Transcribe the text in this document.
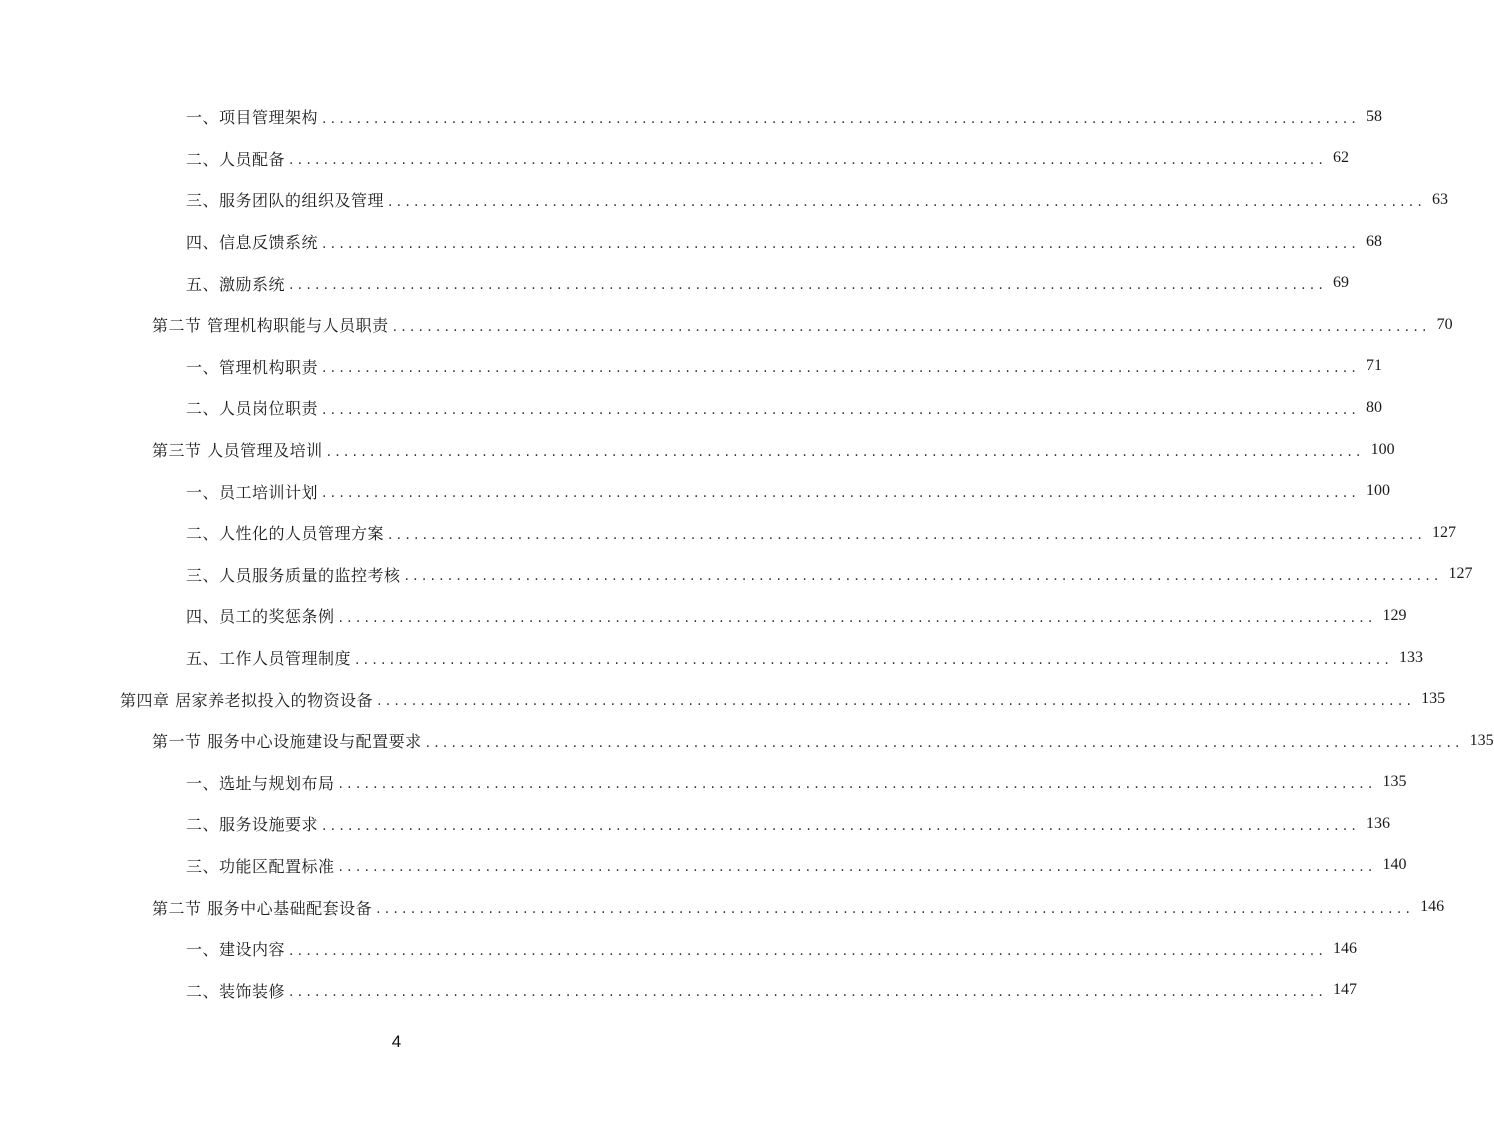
一、项目管理架构 ........................................................................................................................ 58
二、人员配备 ........................................................................................................................ 62
三、服务团队的组织及管理 ........................................................................................................................ 63
四、信息反馈系统 ........................................................................................................................ 68
五、激励系统 ........................................................................................................................ 69
第二节 管理机构职能与人员职责 ........................................................................................................................ 70
一、管理机构职责 ........................................................................................................................ 71
二、人员岗位职责 ........................................................................................................................ 80
第三节 人员管理及培训 ........................................................................................................................ 100
一、员工培训计划 ........................................................................................................................ 100
二、人性化的人员管理方案 ........................................................................................................................ 127
三、人员服务质量的监控考核 ........................................................................................................................ 127
四、员工的奖惩条例 ........................................................................................................................ 129
五、工作人员管理制度 ........................................................................................................................ 133
第四章 居家养老拟投入的物资设备 ........................................................................................................................ 135
第一节 服务中心设施建设与配置要求 ........................................................................................................................ 135
一、选址与规划布局 ........................................................................................................................ 135
二、服务设施要求 ........................................................................................................................ 136
三、功能区配置标准 ........................................................................................................................ 140
第二节 服务中心基础配套设备 ........................................................................................................................ 146
一、建设内容 ........................................................................................................................ 146
二、装饰装修 ........................................................................................................................ 147
4
